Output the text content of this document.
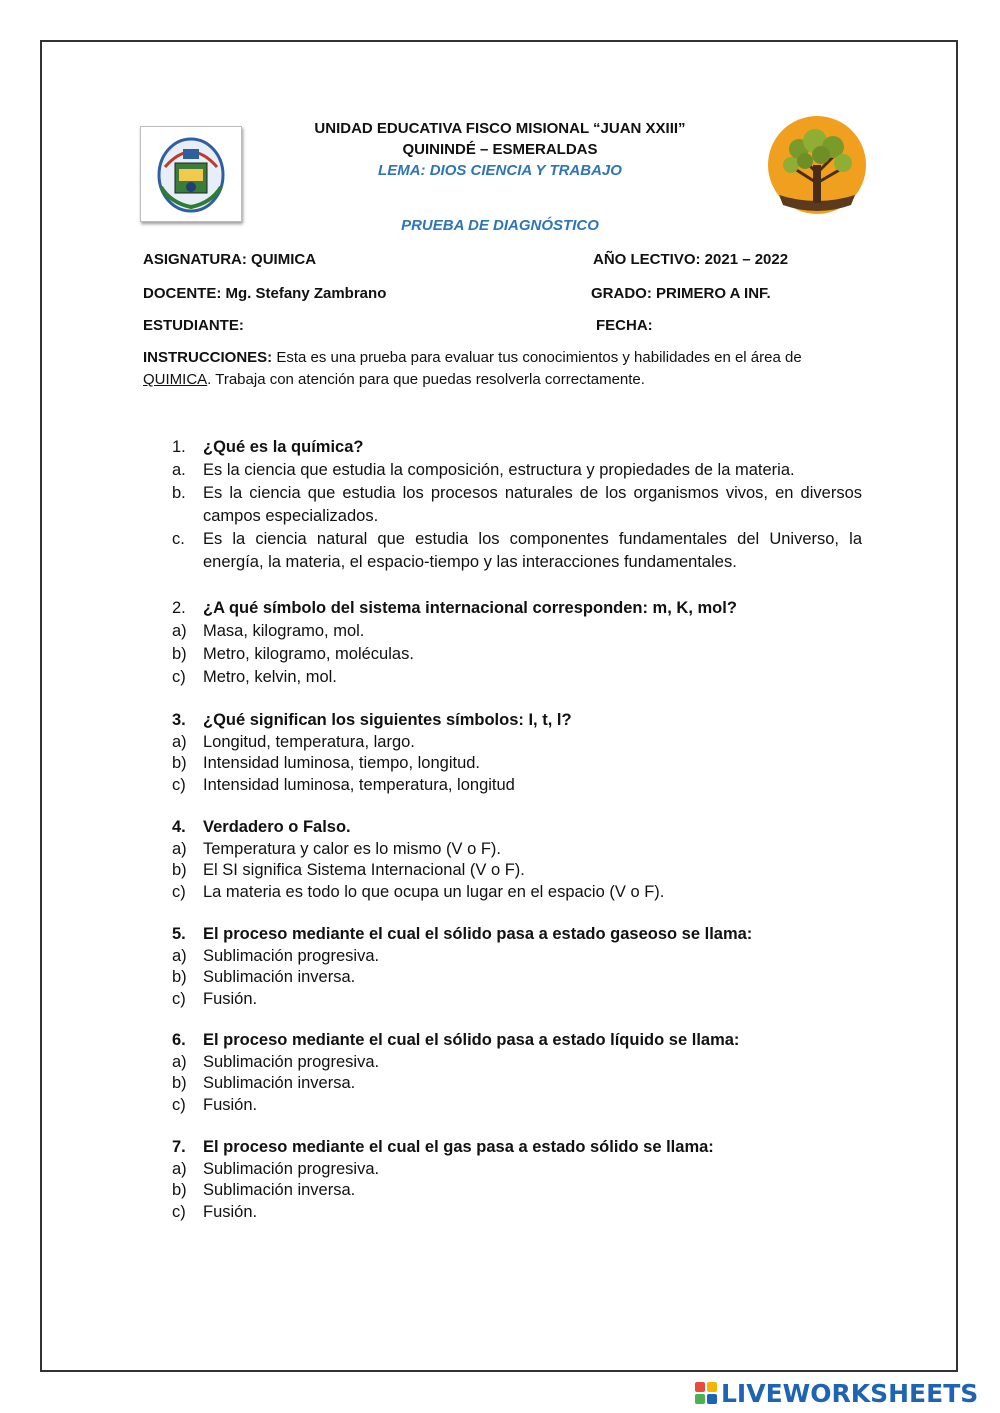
UNIDAD EDUCATIVA FISCO MISIONAL “JUAN XXIII”
QUININDÉ – ESMERALDAS
LEMA: DIOS CIENCIA Y TRABAJO
PRUEBA DE DIAGNÓSTICO
ASIGNATURA: QUIMICA	AÑO LECTIVO: 2021 – 2022
DOCENTE: Mg. Stefany Zambrano	GRADO: PRIMERO A INF.
ESTUDIANTE:	FECHA:
INSTRUCCIONES: Esta es una prueba para evaluar tus conocimientos y habilidades en el área de QUIMICA. Trabaja con atención para que puedas resolverla correctamente.
1.	¿Qué es la química?
a.	Es la ciencia que estudia la composición, estructura y propiedades de la materia.
b.	Es la ciencia que estudia los procesos naturales de los organismos vivos, en diversos campos especializados.
c.	Es la ciencia natural que estudia los componentes fundamentales del Universo, la energía, la materia, el espacio-tiempo y las interacciones fundamentales.
2.	¿A qué símbolo del sistema internacional corresponden: m, K, mol?
a) Masa, kilogramo, mol.
b) Metro, kilogramo, moléculas.
c)	Metro, kelvin, mol.
3.	¿Qué significan los siguientes símbolos: I, t, l?
a) Longitud, temperatura, largo.
b) Intensidad luminosa, tiempo, longitud.
c)	Intensidad luminosa, temperatura, longitud
4.	Verdadero o Falso.
a) Temperatura y calor es lo mismo (V o F).
b) El SI significa Sistema Internacional (V o F).
c)	La materia es todo lo que ocupa un lugar en el espacio (V o F).
5.	El proceso mediante el cual el sólido pasa a estado gaseoso se llama:
a) Sublimación progresiva.
b) Sublimación inversa.
c)	Fusión.
6.	El proceso mediante el cual el sólido pasa a estado líquido se llama:
a) Sublimación progresiva.
b) Sublimación inversa.
c)	Fusión.
7.	El proceso mediante el cual el gas pasa a estado sólido se llama:
a) Sublimación progresiva.
b) Sublimación inversa.
c)	Fusión.
LIVEWORKSHEETS
